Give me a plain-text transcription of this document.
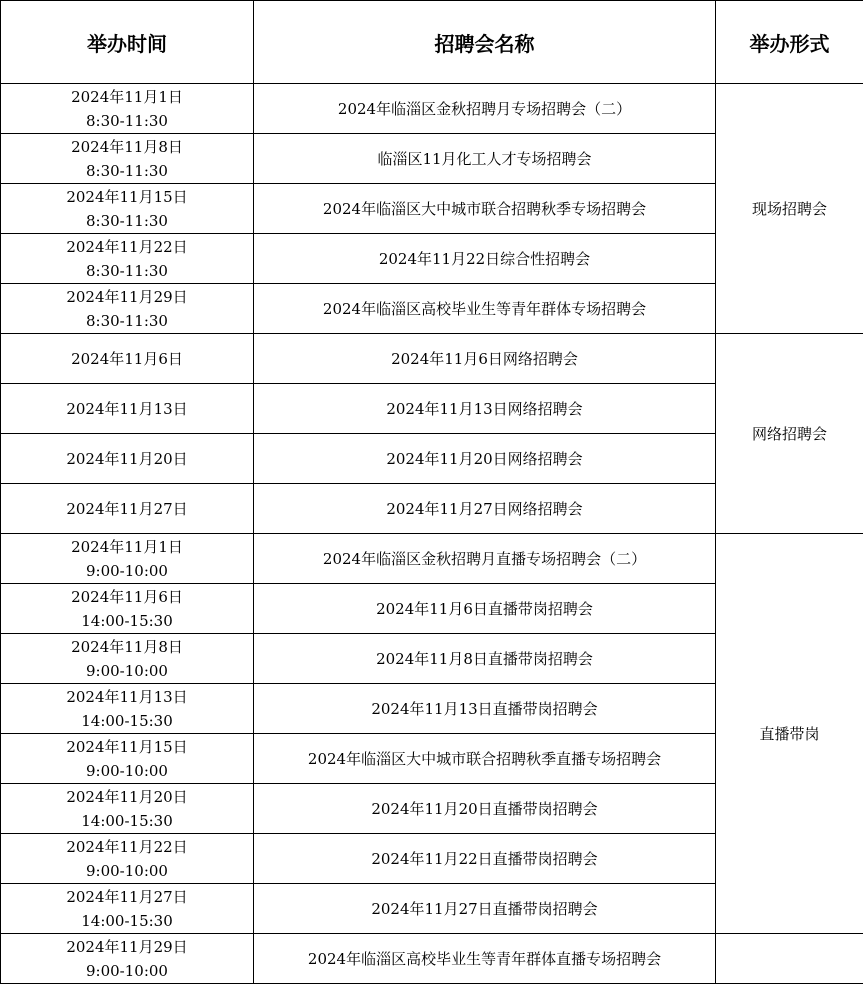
举办时间	招聘会名称	举办形式

2024年11月1日
8:30-11:30	2024年临淄区金秋招聘月专场招聘会（二）	现场招聘会

2024年11月8日
8:30-11:30	临淄区11月化工人才专场招聘会	

2024年11月15日
8:30-11:30	2024年临淄区大中城市联合招聘秋季专场招聘会	

2024年11月22日
8:30-11:30	2024年11月22日综合性招聘会	

2024年11月29日
8:30-11:30	2024年临淄区高校毕业生等青年群体专场招聘会	
2024年11月6日	2024年11月6日网络招聘会	网络招聘会
2024年11月13日	2024年11月13日网络招聘会	
2024年11月20日	2024年11月20日网络招聘会	
2024年11月27日	2024年11月27日网络招聘会	

2024年11月1日
9:00-10:00	2024年临淄区金秋招聘月直播专场招聘会（二）	直播带岗

2024年11月6日
14:00-15:30	2024年11月6日直播带岗招聘会	

2024年11月8日
9:00-10:00	2024年11月8日直播带岗招聘会	

2024年11月13日
14:00-15:30	2024年11月13日直播带岗招聘会	

2024年11月15日
9:00-10:00	2024年临淄区大中城市联合招聘秋季直播专场招聘会	

2024年11月20日
14:00-15:30	2024年11月20日直播带岗招聘会	

2024年11月22日
9:00-10:00	2024年11月22日直播带岗招聘会	

2024年11月27日
14:00-15:30	2024年11月27日直播带岗招聘会	

2024年11月29日
9:00-10:00	2024年临淄区高校毕业生等青年群体直播专场招聘会	
